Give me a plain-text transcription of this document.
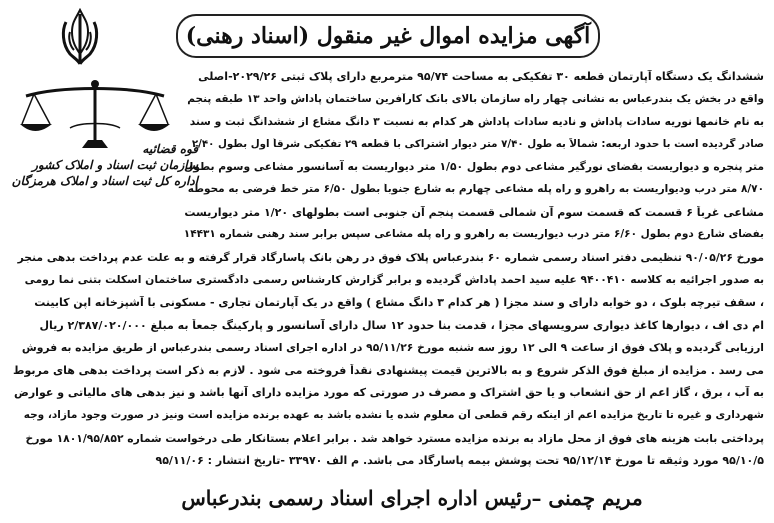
قوه قضائیه
سازمان ثبت اسناد و املاک کشور
اداره کل ثبت اسناد و املاک هرمزگان
آگهی مزایده اموال غیر منقول (اسناد رهنی)
ششدانگ یک دستگاه آپارتمان قطعه ۳۰ تفکیکی به مساحت ۹۵/۷۴ مترمربع دارای پلاک ثبتی ۲۰۲۹/۲۶-اصلی
واقع در بخش یک بندرعباس به نشانی چهار راه سازمان بالای بانک کارآفرین ساختمان پاداش واحد ۱۳ طبقه پنجم
به نام خانمها نوریه سادات پاداش و نادیه سادات پاداش هر کدام به نسبت ۳ دانگ مشاع از ششدانگ ثبت و سند
صادر گردیده است با حدود اربعه: شمالاً به طول ۷/۴۰ متر دیوار اشتراکی با قطعه ۲۹ تفکیکی شرقاً اول بطول ۲/۴۰
متر پنجره و دیواریست بفضای نورگیر مشاعی دوم بطول ۱/۵۰ متر دیواریست به آسانسور مشاعی وسوم بطول
۸/۷۰ متر درب ودیواریست به راهرو و راه پله مشاعی چهارم به شارع جنوباً بطول ۶/۵۰ متر خط فرضی به محوطه
مشاعی غرباً ۶ قسمت که قسمت سوم آن شمالی قسمت پنجم آن جنوبی است بطولهای ۱/۲۰ متر دیواریست
بفضای شارع دوم بطول ۶/۶۰ متر درب دیواریست به راهرو و راه پله مشاعی سپس برابر سند رهنی شماره ۱۴۴۳۱
مورخ ۹۰/۰۵/۲۶ تنظیمی دفتر اسناد رسمی شماره ۶۰ بندرعباس پلاک فوق در رهن بانک پاسارگاد قرار گرفته و به علت عدم پرداخت بدهی منجر
به صدور اجرائیه به کلاسه ۹۴۰۰۴۱۰ علیه سید احمد پاداش گردیده و برابر گزارش کارشناس رسمی دادگستری ساختمان اسکلت بتنی نما رومی
، سقف تیرچه بلوک ، دو خوابه دارای و سند مجزا ( هر کدام ۳ دانگ مشاع ) واقع در یک آپارتمان تجاری - مسکونی با آشپزخانه اپن کابینت
ام دی اف ، دیوارها کاغذ دیواری سرویسهای مجزا ، قدمت بنا حدود ۱۲ سال دارای آسانسور و پارکینگ جمعاً به مبلغ ۲/۳۸۷/۰۲۰/۰۰۰ ریال
ارزیابی گردیده و پلاک فوق از ساعت ۹ الی ۱۲ روز سه شنبه مورخ ۹۵/۱۱/۲۶ در اداره اجرای اسناد رسمی بندرعباس از طریق مزایده به فروش
می رسد . مزایده از مبلغ فوق الذکر شروع و به بالاترین قیمت پیشنهادی نقداً فروخته می شود . لازم به ذکر است پرداخت بدهی های مربوط
به آب ، برق ، گاز اعم از حق انشعاب و یا حق اشتراک و مصرف در صورتی که مورد مزایده دارای آنها باشد و نیز بدهی های مالیاتی و عوارض
شهرداری و غیره تا تاریخ مزایده اعم از اینکه رقم قطعی آن معلوم شده یا نشده باشد به عهده برنده مزایده است ونیز در صورت وجود مازاد، وجه
پرداختی بابت هزینه های فوق از محل مازاد به برنده مزایده مسترد خواهد شد . برابر اعلام بستانکار طی درخواست شماره ۱۸۰۱/۹۵/۸۵۲ مورخ
۹۵/۱۰/۵ مورد وثیقه تا مورخ ۹۵/۱۲/۱۴ تحت پوشش بیمه پاسارگاد می باشد. م الف ۳۳۹۷۰ -تاریخ انتشار : ۹۵/۱۱/۰۶
مریم چمنی –رئیس اداره اجرای اسناد رسمی بندرعباس
